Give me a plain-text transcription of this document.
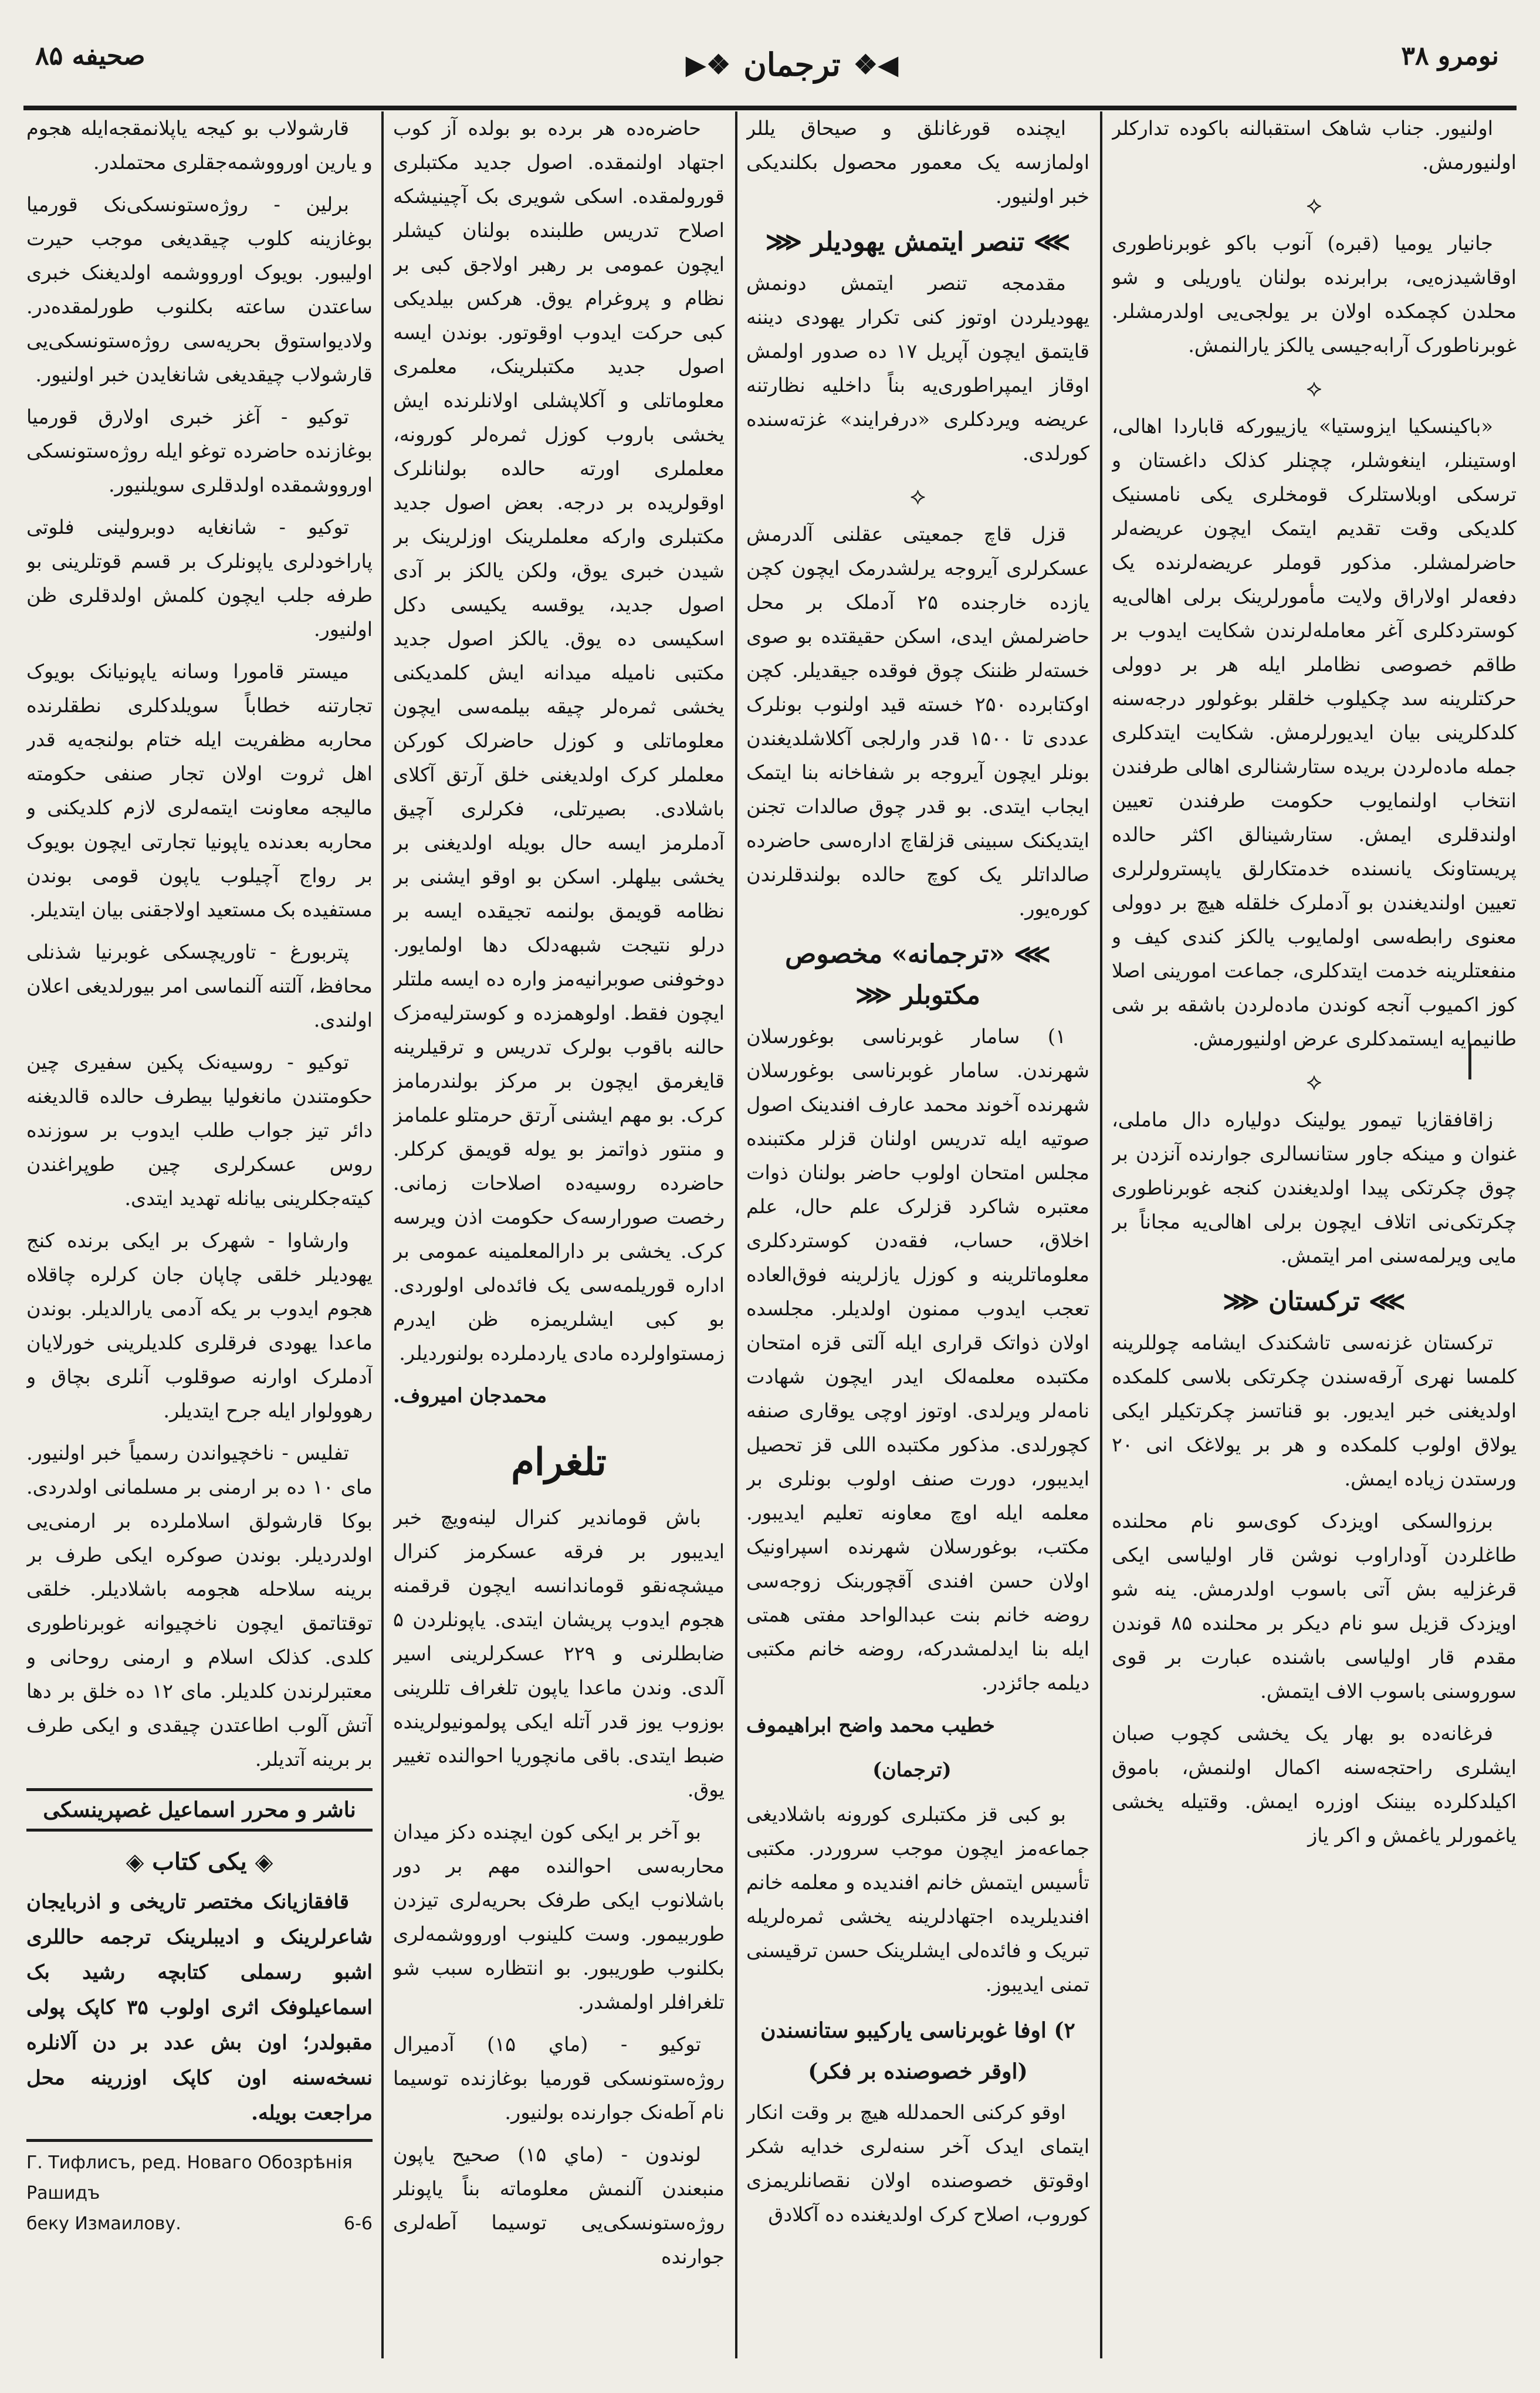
صحیفه ۸۵	◀❖
ترجمان
❖▶	نومرو ۳۸

اولنیور. جناب شاهک استقبالنه باکوده تدارکلر اولنیورمش.

⟡

جانیار یومیا (قبره) آنوب باکو غوبرناطوری اوقاشیدزه‌یی، برابرنده بولنان یاوریلی و شو محلدن کچمکده اولان بر یولجی‌یی اولدرمشلر. غوبرناطورک آرابه‌جیسی یالکز یارالنمش.

⟡

«باکینسکیا ایزوستیا» یازییورکه قاباردا اهالی، اوستینلر، اینغوشلر، چچنلر کذلک داغستان و ترسکی اوبلاستلرک قومخلری یکی نامسنیک کلدیکی وقت تقدیم ایتمک ایچون عریضه‌لر حاضرلمشلر. مذکور قوملر عریضه‌لرنده یک دفعه‌لر اولاراق ولایت مأمورلرینک برلی اهالی‌یه کوستردکلری آغر معامله‌لرندن شکایت ایدوب بر طاقم خصوصی نظاملر ایله هر بر دوولی حرکتلرینه سد چکیلوب خلقلر بوغولور درجه‌سنه کلدکلرینی بیان ایدیورلرمش. شکایت ایتدکلری جمله ماده‌لردن بریده ستارشنالری اهالی طرفندن انتخاب اولنمایوب حکومت طرفندن تعیین اولندقلری ایمش. ستارشینالق اکثر حالده پریستاونک یانسنده خدمتکارلق یاپسترولرلری تعیین اولندیغندن بو آدملرک خلقله هیچ بر دوولی معنوی رابطه‌سی اولمایوب یالکز کندی کیف و منفعتلرینه خدمت ایتدکلری، جماعت امورینی اصلا کوز اکمیوب آنجه کوندن ماده‌لردن باشقه بر شی طانیمایه ایستمدکلری عرض اولنیورمش.

⟡

زاقافقازیا تیمور یولینک دولیاره دال ماملی، غنوان و مینکه جاور ستانسالری جوارنده آنزدن بر چوق چکرتکی پیدا اولدیغندن کنجه غوبرناطوری چکرتکی‌نی اتلاف ایچون برلی اهالی‌یه مجاناً بر مایی ویرلمه‌سنی امر ایتمش.

⋙ ترکستان ⋘

ترکستان غزنه‌سی تاشکندک ایشامه چوللرینه کلمسا نهری آرقه‌سندن چکرتکی بلاسی کلمکده اولدیغنی خبر ایدیور. بو قناتسز چکرتکیلر ایکی یولاق اولوب کلمکده و هر بر یولاغک انی ۲۰ ورستدن زیاده ایمش.

برزوالسکی اویزدک کوی‌سو نام محلنده طاغلردن آوداراوب نوشن قار اولیاسی ایکی قرغزلیه بش آتی باسوب اولدرمش. ینه شو اویزدک قزیل سو نام دیکر بر محلنده ۸۵ قوندن مقدم قار اولیاسی باشنده عبارت بر قوی سوروسنی باسوب الاف ایتمش.

فرغانه‌ده بو بهار یک یخشی کچوب صبان ایشلری راحتجه‌سنه اکمال اولنمش، باموق اکیلدکلرده بیننک اوزره ایمش. وقتیله یخشی یاغمورلر یاغمش و اکر یاز

ایچنده قورغانلق و صیحاق یللر اولمازسه یک معمور محصول بکلندیکی خبر اولنیور.

⋙ تنصر ایتمش یهودیلر ⋘

مقدمجه تنصر ایتمش دونمش یهودیلردن اوتوز کنی تکرار یهودی دیننه قایتمق ایچون آپریل ۱۷ ده صدور اولمش اوقاز ایمپراطوری‌یه بناً داخلیه نظارتنه عریضه ویردکلری «درفرایند» غزته‌سنده کورلدی.

⟡

قزل قاچ جمعیتی عقلنی آلدرمش عسکرلری آیروجه یرلشدرمک ایچون کچن یازده خارجنده ۲۵ آدملک بر محل حاضرلمش ایدی، اسکن حقیقتده بو صوی خسته‌لر ظننک چوق فوقده جیقدیلر. کچن اوکتابرده ۲۵۰ خسته قید اولنوب بونلرک عددی تا ۱۵۰۰ قدر وارلجی آکلاشلدیغندن بونلر ایچون آیروجه بر شفاخانه بنا ایتمک ایجاب ایتدی. بو قدر چوق صالدات تجنن ایتدیکنک سبینی قزلقاچ اداره‌سی حاضرده صالداتلر یک کوچ حالده بولندقلرندن کوره‌یور.

⋙ «ترجمانه» مخصوص مکتوبلر ⋘

۱) سامار غوبرناسی بوغورسلان شهرندن. سامار غوبرناسی بوغورسلان شهرنده آخوند محمد عارف افندینک اصول صوتیه ایله تدریس اولنان قزلر مکتبنده مجلس امتحان اولوب حاضر بولنان ذوات معتبره شاکرد قزلرک علم حال، علم اخلاق، حساب، فقه‌دن کوستردکلری معلوماتلرینه و کوزل یازلرینه فوق‌العاده تعجب ایدوب ممنون اولدیلر. مجلسده اولان ذواتک قراری ایله آلتی قزه امتحان مکتبده معلمه‌لک ایدر ایچون شهادت نامه‌لر ویرلدی. اوتوز اوچی یوقاری صنفه کچورلدی. مذکور مکتبده اللی قز تحصیل ایدیبور، دورت صنف اولوب بونلری بر معلمه ایله اوچ معاونه تعلیم ایدیبور. مکتب، بوغورسلان شهرنده اسپراونیک اولان حسن افندی آقچوربنک زوجه‌سی روضه خانم بنت عبدالواحد مفتی همتی ایله بنا ایدلمشدرکه، روضه خانم مکتبی دیلمه جائزدر.

خطیب محمد واضح ابراهیموف
(ترجمان)

بو کبی قز مکتبلری کورونه باشلادیغی جماعه‌مز ایچون موجب سروردر. مکتبی تأسیس ایتمش خانم افندیده و معلمه خانم افندیلریده اجتهادلرینه یخشی ثمره‌لریله تبریک و فائده‌لی ایشلرینک حسن ترقیسنی تمنی ایدیبوز.

۲) اوفا غوبرناسی یارکیبو ستانسندن (اوقر خصوصنده بر فکر)

اوقو کرکنی الحمدلله هیچ بر وقت انکار ایتمای ایدک آخر سنه‌لری خدایه شکر اوقوتق خصوصنده اولان نقصانلریمزی کوروب، اصلاح کرک اولدیغنده ده آکلادق

حاضره‌ده هر برده بو بولده آز کوب اجتهاد اولنمقده. اصول جدید مکتبلری قورولمقده. اسکی شویری بک آچینیشکه اصلاح تدریس طلبنده بولنان کیشلر ایچون عمومی بر رهبر اولاجق کبی بر نظام و پروغرام یوق. هرکس بیلدیکی کبی حرکت ایدوب اوقوتور. بوندن ایسه اصول جدید مکتبلرینک، معلمری معلوماتلی و آکلاپشلی اولانلرنده ایش یخشی باروب کوزل ثمره‌لر کورونه، معلملری اورته حالده بولنانلرک اوقولریده بر درجه. بعض اصول جدید مکتبلری وارکه معلملرینک اوزلرینک بر شیدن خبری یوق، ولکن یالکز بر آدی اصول جدید، یوقسه یکیسی دکل اسکیسی ده یوق. یالکز اصول جدید مکتبی نامیله میدانه ایش کلمدیکنی یخشی ثمره‌لر چیقه بیلمه‌سی ایچون معلوماتلی و کوزل حاضرلک کورکن معلملر کرک اولدیغنی خلق آرتق آکلای باشلادی. بصیرتلی، فکرلری آچیق آدملرمز ایسه حال بویله اولدیغنی بر یخشی بیلهلر. اسکن بو اوقو ایشنی بر نظامه قویمق بولنمه تجیقده ایسه بر درلو نتیجت شبهه‌دلک دها اولمایور. دوخوفنی صوبرانیه‌مز واره ده ایسه ملتلر ایچون فقط. اولوهمزده و کوسترلیه‌مزک حالنه باقوب بولرک تدریس و ترقیلرینه قایغرمق ایچون بر مرکز بولندرمامز کرک. بو مهم ایشنی آرتق حرمتلو علمامز و منتور ذواتمز بو یوله قویمق کرکلر. حاضرده روسیه‌ده اصلاحات زمانی. رخصت صورارسه‌ک حکومت اذن ویرسه کرک. یخشی بر دارالمعلمینه عمومی بر اداره قوریلمه‌سی یک فائده‌لی اولوردی. بو کبی ایشلریمزه ظن ایدرم زمستواولرده مادی یاردملرده بولنوردیلر.

محمدجان امیروف.
تلغرام

باش قوماندیر کنرال لینه‌ویچ خبر ایدیبور بر فرقه عسکرمز کنرال میشچه‌نقو قوماندانسه ایچون قرقمنه هجوم ایدوب پریشان ایتدی. یاپونلردن ۵ ضابطلرنی و ۲۲۹ عسکرلرینی اسیر آلدی. وندن ماعدا یاپون تلغراف تللرینی بوزوب یوز قدر آتله ایکی پولمونیولرینده ضبط ایتدی. باقی مانچوریا احوالنده تغییر یوق.

بو آخر بر ایکی کون ایچنده دکز میدان محاربه‌سی احوالنده مهم بر دور باشلانوب ایکی طرفک بحریه‌لری تیزدن طوربیمور. وست کلینوب اورووشمه‌لری بکلنوب طوریبور. بو انتظاره سبب شو تلغرافلر اولمشدر.

توکیو - (ماي ۱۵) آدمیرال روژه‌ستونسکی قورمیا بوغازنده توسیما نام آطه‌نک جوارنده بولنیور.

لوندون - (ماي ۱۵) صحیح یاپون منبعندن آلنمش معلوماته بناً یاپونلر روژه‌ستونسکی‌یی توسیما آطه‌لری جوارنده

قارشولاب بو کیجه یاپلانمقجه‌ایله هجوم و یارین اورووشمه‌جقلری محتملدر.

برلین - روژه‌ستونسکی‌نک قورمیا بوغازینه کلوب چیقدیغی موجب حیرت اولیبور. بویوک اورووشمه اولدیغنک خبری ساعتدن ساعته بکلنوب طورلمقده‌در. ولادیواستوق بحریه‌سی روژه‌ستونسکی‌یی قارشولاب چیقدیغی شانغایدن خبر اولنیور.

توکیو - آغز خبری اولارق قورمیا بوغازنده حاضرده توغو ایله روژه‌ستونسکی اورووشمقده اولدقلری سویلنیور.

توکیو - شانغایه دوبرولینی فلوتی پاراخودلری یاپونلرک بر قسم قوتلرینی بو طرفه جلب ایچون کلمش اولدقلری ظن اولنیور.

میستر قامورا وسانه یاپونیانک بویوک تجارتنه خطاباً سویلدکلری نطقلرنده محاربه مظفریت ایله ختام بولنجه‌یه قدر اهل ثروت اولان تجار صنفی حکومته مالیجه معاونت ایتمه‌لری لازم کلدیکنی و محاربه بعدنده یاپونیا تجارتی ایچون بویوک بر رواج آچیلوب یاپون قومی بوندن مستفیده بک مستعید اولاجقنی بیان ایتدیلر.

پتربورغ - تاوریچسکی غوبرنیا شذنلی محافظ، آلتنه آلنماسی امر بیورلدیغی اعلان اولندی.

توکیو - روسیه‌نک پکین سفیری چین حکومتندن مانغولیا بیطرف حالده قالدیغنه دائر تیز جواب طلب ایدوب بر سوزنده روس عسکرلری چین طوپراغندن کیته‌جکلرینی بیانله تهدید ایتدی.

وارشاوا - شهرک بر ایکی برنده کنج یهودیلر خلقی چاپان جان کرلره چاقلاه هجوم ایدوب بر یکه آدمی یارالدیلر. بوندن ماعدا یهودی فرقلری کلدیلرینی خورلایان آدملرک اوارنه صوقلوب آنلری بچاق و رهوولوار ایله جرح ایتدیلر.

تفلیس - ناخچیواندن رسمیاً خبر اولنیور. مای ۱۰ ده بر ارمنی بر مسلمانی اولدردی. بوکا قارشولق اسلاملرده بر ارمنی‌یی اولدردیلر. بوندن صوکره ایکی طرف بر برینه سلاحله هجومه باشلادیلر. خلقی توقتاتمق ایچون ناخچیوانه غوبرناطوری کلدی. کذلک اسلام و ارمنی روحانی و معتبرلرندن کلدیلر. مای ۱۲ ده خلق بر دها آتش آلوب اطاعتدن چیقدی و ایکی طرف بر برینه آتدیلر.

ناشر و محرر اسماعیل غصپرینسکی
◈ یکی کتاب ◈

قافقازیانک مختصر تاریخی و اذربایجان شاعرلرینک و ادیبلرینک ترجمه حاللری اشبو رسملی کتابچه رشید بک اسماعیلوفک اثری اولوب ۳۵ کاپک پولی مقبولدر؛ اون بش عدد بر دن آلانلره نسخه‌سنه اون کاپک اوزرینه محل مراجعت بویله.

Г. Тифлисъ, ред. Новаго Обозрѣнія Рашидъ
беку Измаилову.	6-6
